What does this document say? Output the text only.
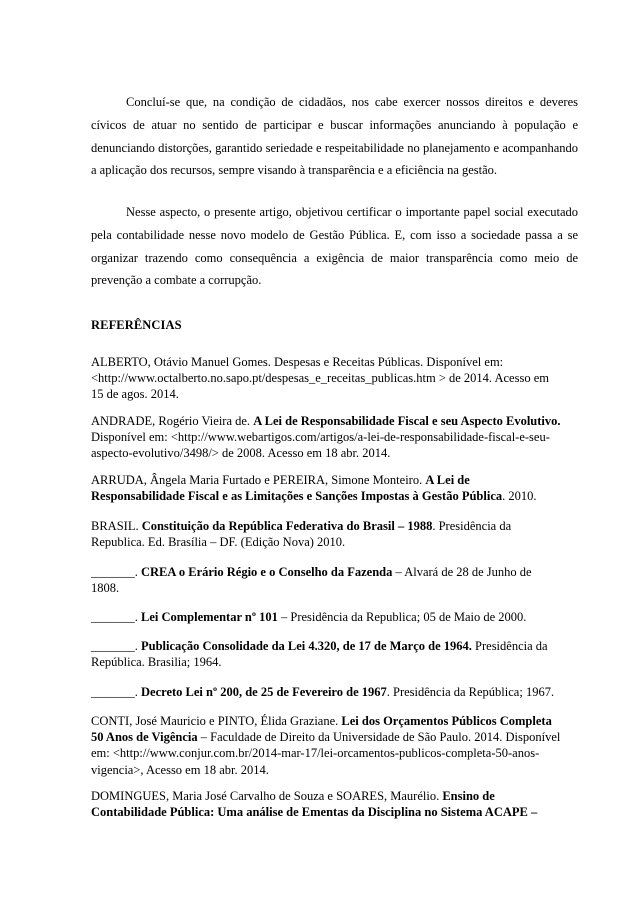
Concluí-se que, na condição de cidadãos, nos cabe exercer nossos direitos e deveres cívicos de atuar no sentido de participar e buscar informações anunciando à população e denunciando distorções, garantido seriedade e respeitabilidade no planejamento e acompanhando a aplicação dos recursos, sempre visando à transparência e a eficiência na gestão.

Nesse aspecto, o presente artigo, objetivou certificar o importante papel social executado pela contabilidade nesse novo modelo de Gestão Pública. E, com isso a sociedade passa a se organizar trazendo como consequência a exigência de maior transparência como meio de prevenção a combate a corrupção.

REFERÊNCIAS

ALBERTO, Otávio Manuel Gomes. Despesas e Receitas Públicas. Disponível em:
<http://www.octalberto.no.sapo.pt/despesas_e_receitas_publicas.htm > de 2014. Acesso em
15 de agos. 2014.

ANDRADE, Rogério Vieira de. A Lei de Responsabilidade Fiscal e seu Aspecto Evolutivo.
Disponível em: <http://www.webartigos.com/artigos/a-lei-de-responsabilidade-fiscal-e-seu-
aspecto-evolutivo/3498/> de 2008. Acesso em 18 abr. 2014.

ARRUDA, Ângela Maria Furtado e PEREIRA, Simone Monteiro. A Lei de
Responsabilidade Fiscal e as Limitações e Sanções Impostas à Gestão Pública. 2010.

BRASIL. Constituição da República Federativa do Brasil – 1988. Presidência da
Republica. Ed. Brasília – DF. (Edição Nova) 2010.

_______. CREA o Erário Régio e o Conselho da Fazenda – Alvará de 28 de Junho de
1808.

_______. Lei Complementar nº 101 – Presidência da Republica; 05 de Maio de 2000.

_______. Publicação Consolidade da Lei 4.320, de 17 de Março de 1964. Presidência da
República. Brasilia; 1964.

_______. Decreto Lei nº 200, de 25 de Fevereiro de 1967. Presidência da República; 1967.

CONTI, José Mauricio e PINTO, Élida Graziane. Lei dos Orçamentos Públicos Completa
50 Anos de Vigência – Faculdade de Direito da Universidade de São Paulo. 2014. Disponível
em: <http://www.conjur.com.br/2014-mar-17/lei-orcamentos-publicos-completa-50-anos-
vigencia>, Acesso em 18 abr. 2014.

DOMINGUES, Maria José Carvalho de Souza e SOARES, Maurélio. Ensino de
Contabilidade Pública: Uma análise de Ementas da Disciplina no Sistema ACAPE –
